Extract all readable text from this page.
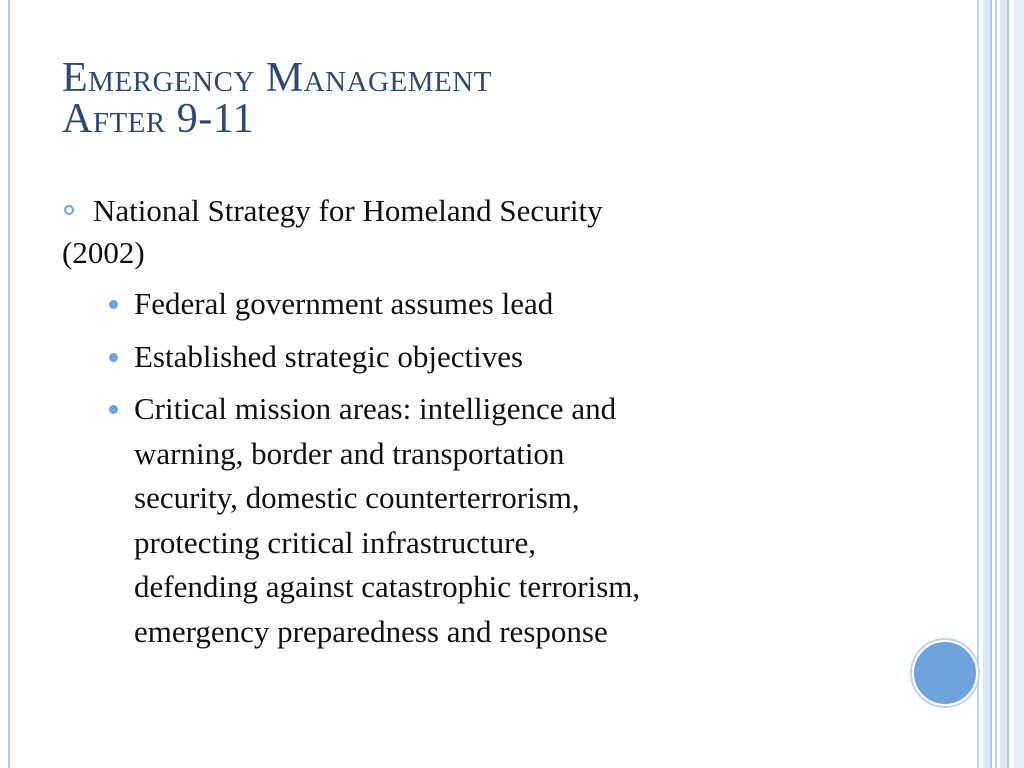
Emergency Management
After 9-11
National Strategy for Homeland Security
(2002)
Federal government assumes lead
Established strategic objectives
Critical mission areas: intelligence and
warning, border and transportation
security, domestic counterterrorism,
protecting critical infrastructure,
defending against catastrophic terrorism,
emergency preparedness and response
